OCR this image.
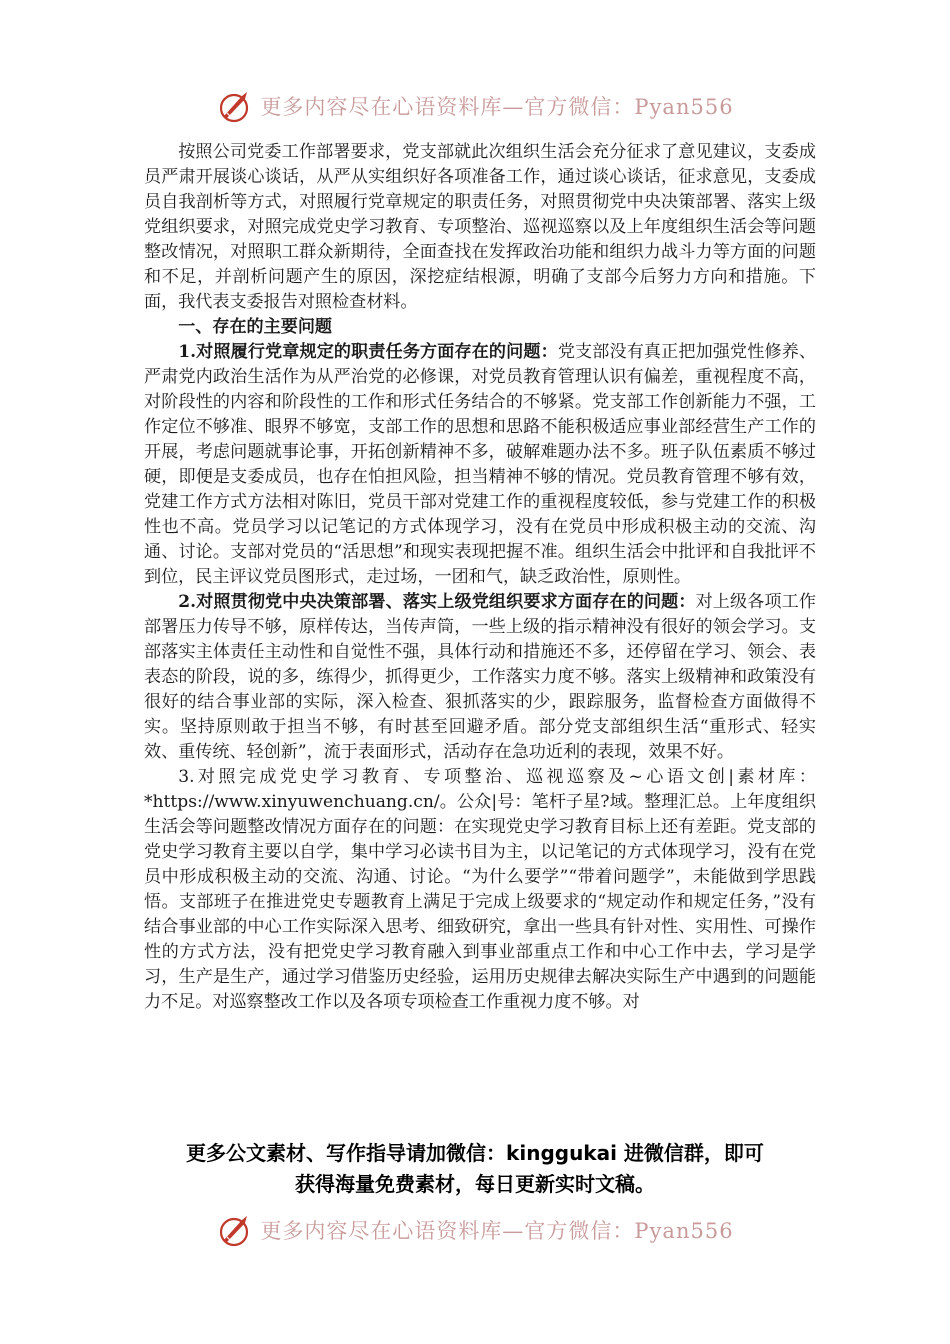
更多内容尽在心语资料库—官方微信：Pyan556

按照公司党委工作部署要求，党支部就此次组织生活会充分征求了意见建议，支委成员严肃开展谈心谈话，从严从实组织好各项准备工作，通过谈心谈话，征求意见，支委成员自我剖析等方式，对照履行党章规定的职责任务，对照贯彻党中央决策部署、落实上级党组织要求，对照完成党史学习教育、专项整治、巡视巡察以及上年度组织生活会等问题整改情况，对照职工群众新期待，全面查找在发挥政治功能和组织力战斗力等方面的问题和不足，并剖析问题产生的原因，深挖症结根源，明确了支部今后努力方向和措施。下面，我代表支委报告对照检查材料。

一、存在的主要问题

1.对照履行党章规定的职责任务方面存在的问题：党支部没有真正把加强党性修养、严肃党内政治生活作为从严治党的必修课，对党员教育管理认识有偏差，重视程度不高，对阶段性的内容和阶段性的工作和形式任务结合的不够紧。党支部工作创新能力不强，工作定位不够准、眼界不够宽，支部工作的思想和思路不能积极适应事业部经营生产工作的开展，考虑问题就事论事，开拓创新精神不多，破解难题办法不多。班子队伍素质不够过硬，即便是支委成员，也存在怕担风险，担当精神不够的情况。党员教育管理不够有效，党建工作方式方法相对陈旧，党员干部对党建工作的重视程度较低，参与党建工作的积极性也不高。党员学习以记笔记的方式体现学习，没有在党员中形成积极主动的交流、沟通、讨论。支部对党员的“活思想”和现实表现把握不准。组织生活会中批评和自我批评不到位，民主评议党员图形式，走过场，一团和气，缺乏政治性，原则性。

2.对照贯彻党中央决策部署、落实上级党组织要求方面存在的问题：对上级各项工作部署压力传导不够，原样传达，当传声筒，一些上级的指示精神没有很好的领会学习。支部落实主体责任主动性和自觉性不强，具体行动和措施还不多，还停留在学习、领会、表表态的阶段，说的多，练得少，抓得更少，工作落实力度不够。落实上级精神和政策没有很好的结合事业部的实际，深入检查、狠抓落实的少，跟踪服务，监督检查方面做得不实。坚持原则敢于担当不够，有时甚至回避矛盾。部分党支部组织生活“重形式、轻实效、重传统、轻创新”，流于表面形式，活动存在急功近利的表现，效果不好。

3.对照完成党史学习教育、专项整治、巡视巡察及~心语文创|素材库：*https://www.xinyuwenchuang.cn/。公众|号：笔杆子星?域。整理汇总。上年度组织生活会等问题整改情况方面存在的问题：在实现党史学习教育目标上还有差距。党支部的党史学习教育主要以自学，集中学习必读书目为主，以记笔记的方式体现学习，没有在党员中形成积极主动的交流、沟通、讨论。“为什么要学”“带着问题学”，未能做到学思践悟。支部班子在推进党史专题教育上满足于完成上级要求的“规定动作和规定任务，”没有结合事业部的中心工作实际深入思考、细致研究，拿出一些具有针对性、实用性、可操作性的方式方法，没有把党史学习教育融入到事业部重点工作和中心工作中去，学习是学习，生产是生产，通过学习借鉴历史经验，运用历史规律去解决实际生产中遇到的问题能力不足。对巡察整改工作以及各项专项检查工作重视力度不够。对

更多公文素材、写作指导请加微信：kinggukai 进微信群，即可
获得海量免费素材，每日更新实时文稿。
更多内容尽在心语资料库—官方微信：Pyan556
